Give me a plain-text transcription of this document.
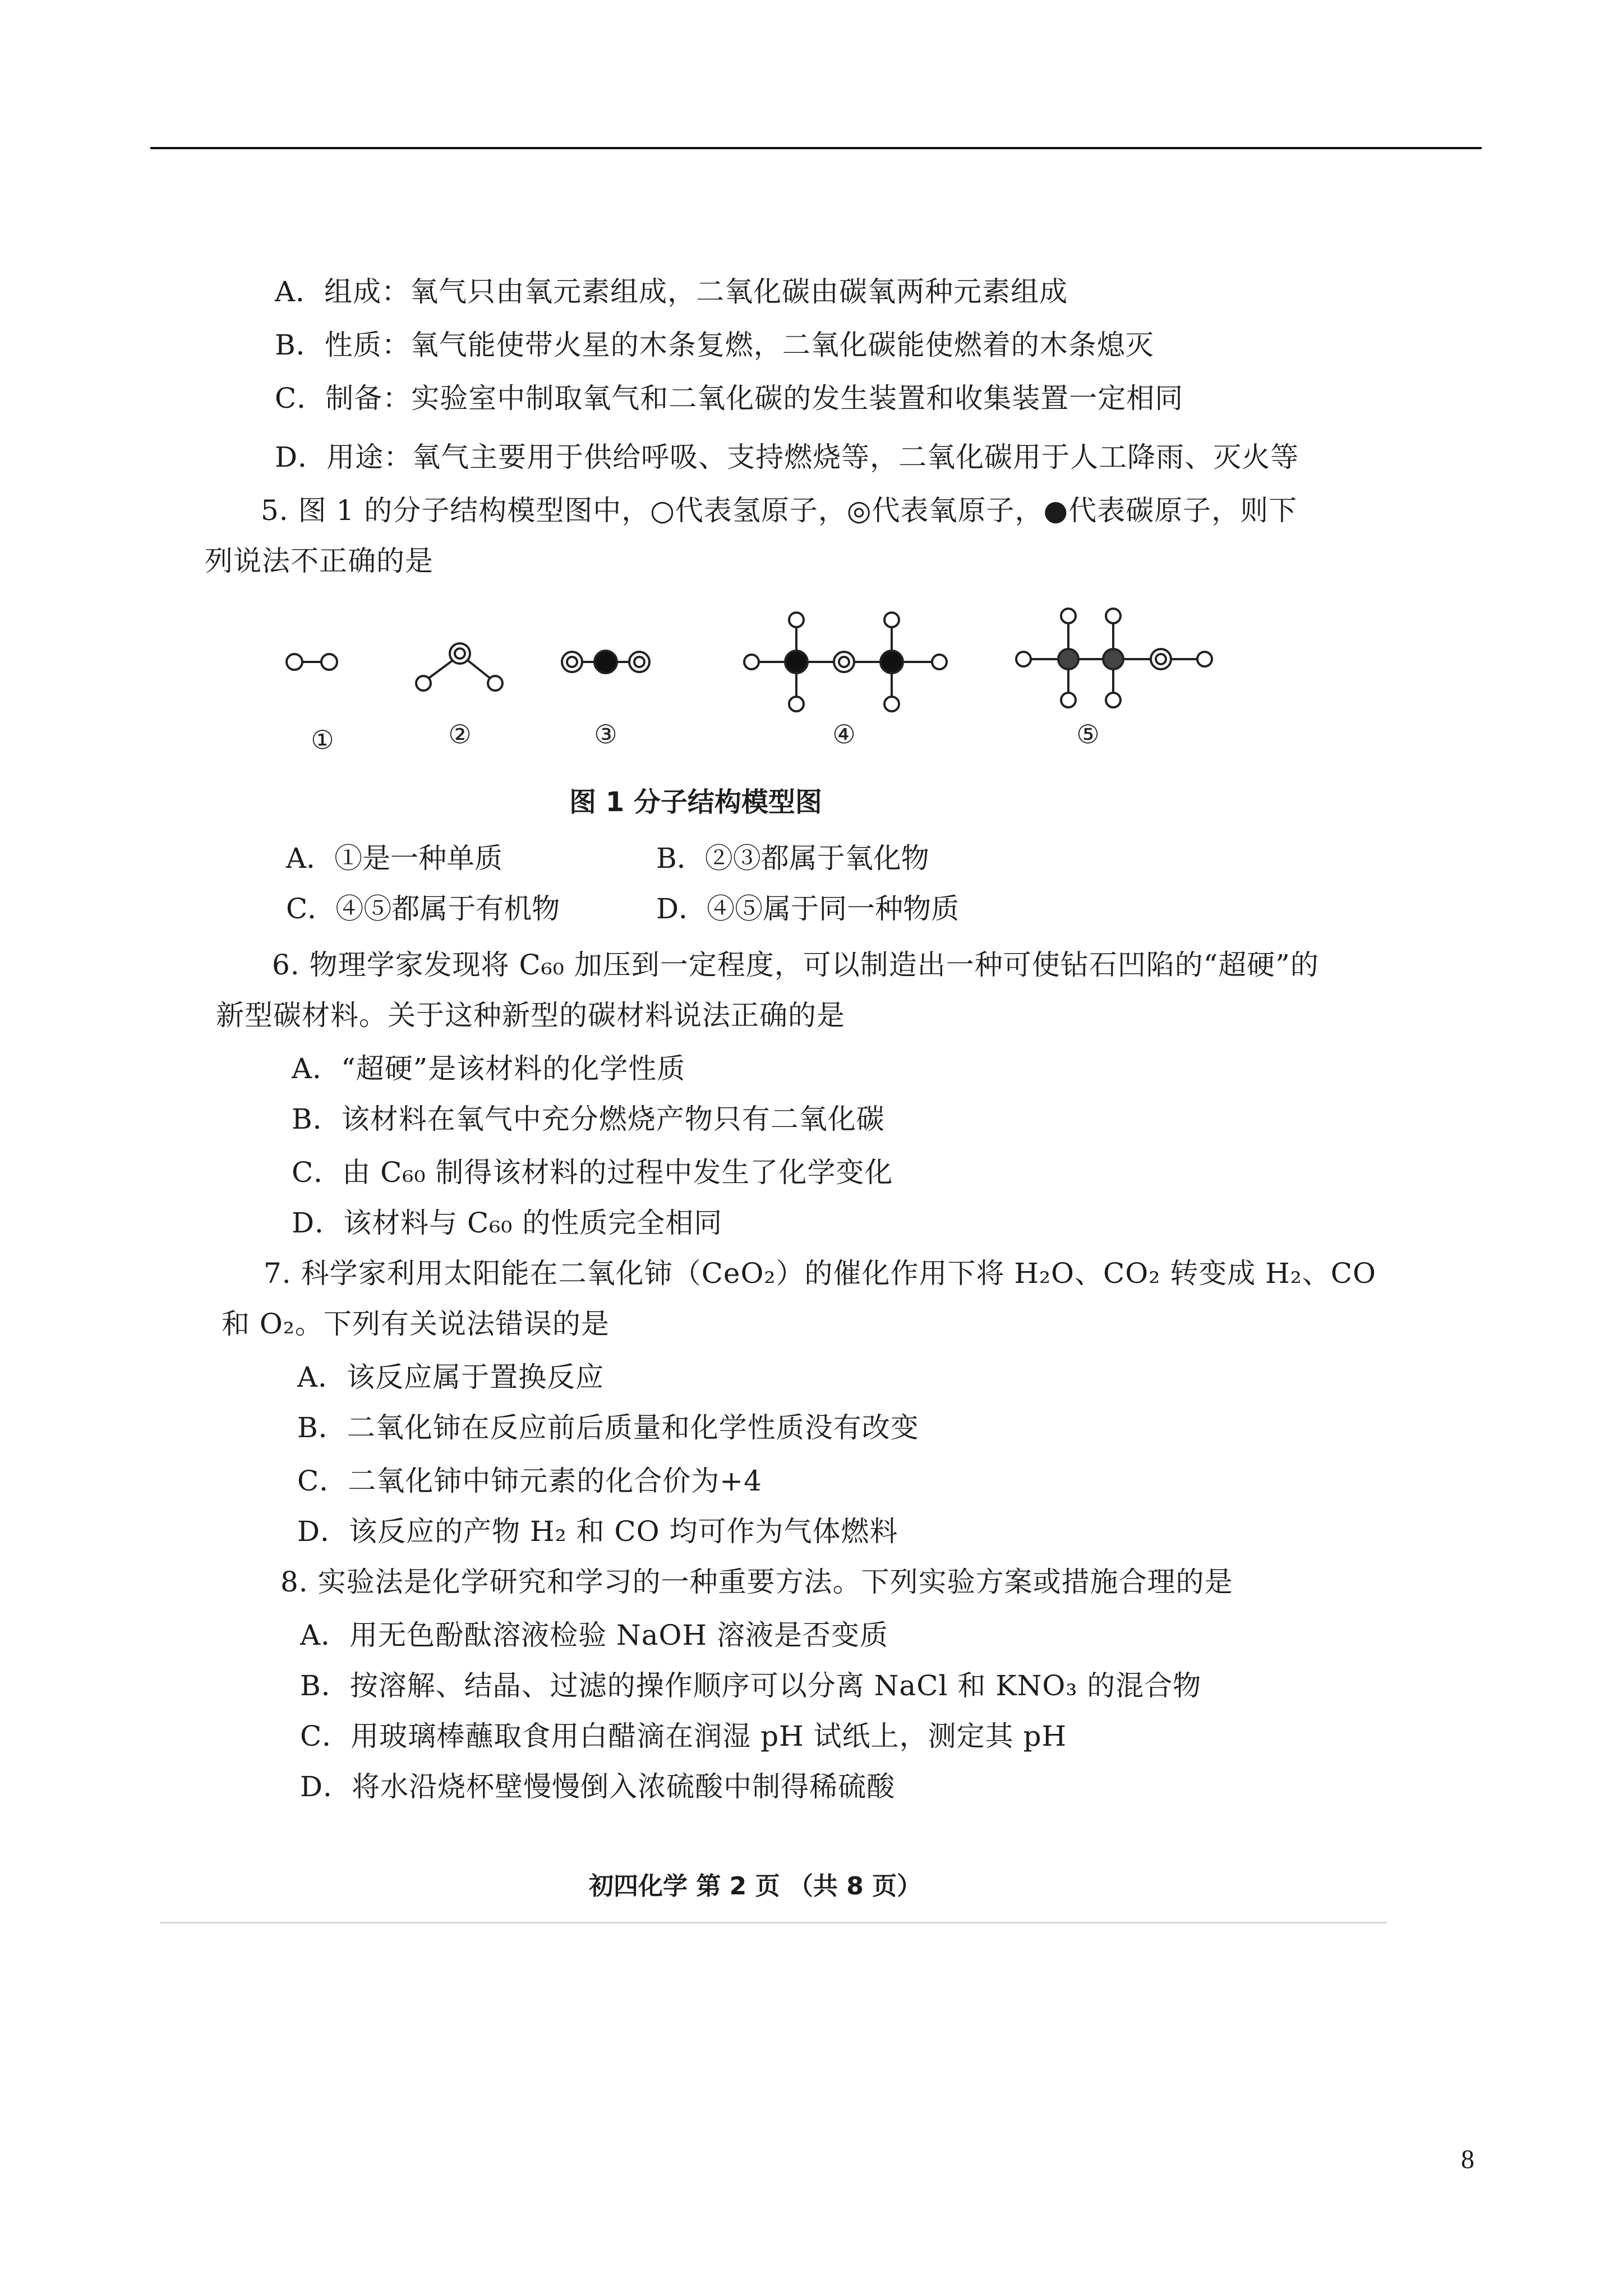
A．组成：氧气只由氧元素组成，二氧化碳由碳氧两种元素组成
B．性质：氧气能使带火星的木条复燃，二氧化碳能使燃着的木条熄灭
C．制备：实验室中制取氧气和二氧化碳的发生装置和收集装置一定相同
D．用途：氧气主要用于供给呼吸、支持燃烧等，二氧化碳用于人工降雨、灭火等
5. 图 1 的分子结构模型图中，○代表氢原子，◎代表氧原子，●代表碳原子，则下
列说法不正确的是
①	②	③	④	⑤
图 1 分子结构模型图
A．①是一种单质	B．②③都属于氧化物
C．④⑤都属于有机物	D．④⑤属于同一种物质
6. 物理学家发现将 C₆₀ 加压到一定程度，可以制造出一种可使钻石凹陷的“超硬”的
新型碳材料。关于这种新型的碳材料说法正确的是
A．“超硬”是该材料的化学性质
B．该材料在氧气中充分燃烧产物只有二氧化碳
C．由 C₆₀ 制得该材料的过程中发生了化学变化
D．该材料与 C₆₀ 的性质完全相同
7. 科学家利用太阳能在二氧化铈（CeO₂）的催化作用下将 H₂O、CO₂ 转变成 H₂、CO
和 O₂。下列有关说法错误的是
A．该反应属于置换反应
B．二氧化铈在反应前后质量和化学性质没有改变
C．二氧化铈中铈元素的化合价为+4
D．该反应的产物 H₂ 和 CO 均可作为气体燃料
8. 实验法是化学研究和学习的一种重要方法。下列实验方案或措施合理的是
A．用无色酚酞溶液检验 NaOH 溶液是否变质
B．按溶解、结晶、过滤的操作顺序可以分离 NaCl 和 KNO₃ 的混合物
C．用玻璃棒蘸取食用白醋滴在润湿 pH 试纸上，测定其 pH
D．将水沿烧杯壁慢慢倒入浓硫酸中制得稀硫酸
初四化学 第 2 页 （共 8 页）
8
